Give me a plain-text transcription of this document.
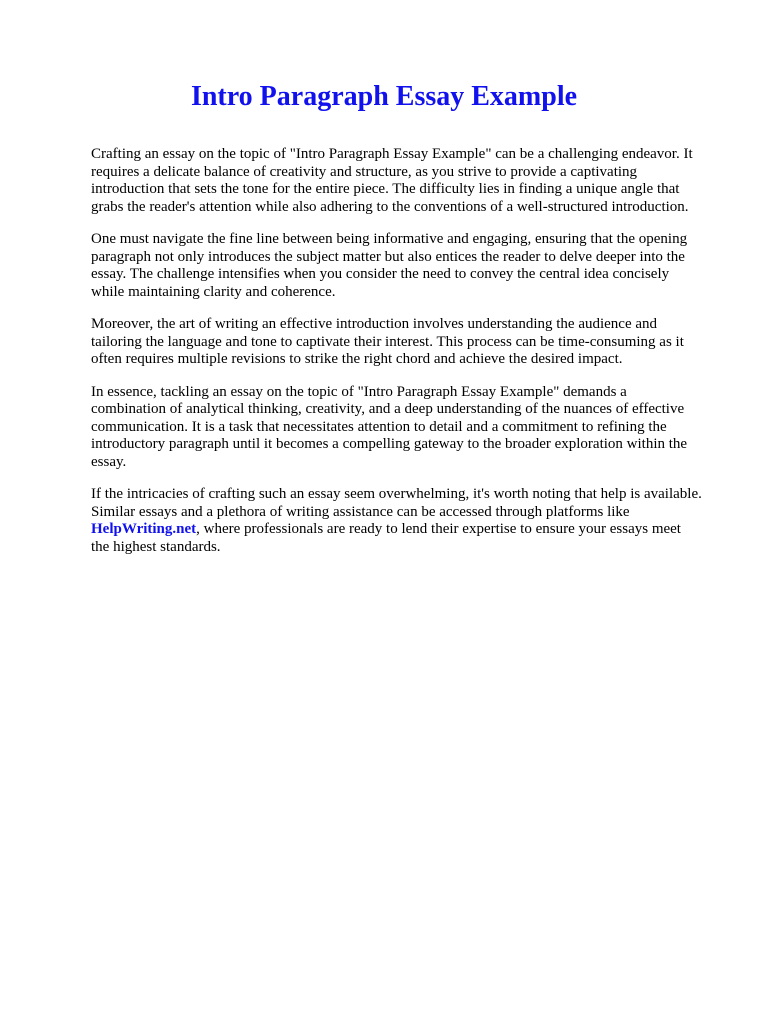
Intro Paragraph Essay Example

Crafting an essay on the topic of "Intro Paragraph Essay Example" can be a challenging endeavor. It
requires a delicate balance of creativity and structure, as you strive to provide a captivating
introduction that sets the tone for the entire piece. The difficulty lies in finding a unique angle that
grabs the reader's attention while also adhering to the conventions of a well-structured introduction.

One must navigate the fine line between being informative and engaging, ensuring that the opening
paragraph not only introduces the subject matter but also entices the reader to delve deeper into the
essay. The challenge intensifies when you consider the need to convey the central idea concisely
while maintaining clarity and coherence.

Moreover, the art of writing an effective introduction involves understanding the audience and
tailoring the language and tone to captivate their interest. This process can be time-consuming as it
often requires multiple revisions to strike the right chord and achieve the desired impact.

In essence, tackling an essay on the topic of "Intro Paragraph Essay Example" demands a
combination of analytical thinking, creativity, and a deep understanding of the nuances of effective
communication. It is a task that necessitates attention to detail and a commitment to refining the
introductory paragraph until it becomes a compelling gateway to the broader exploration within the
essay.

If the intricacies of crafting such an essay seem overwhelming, it's worth noting that help is available.
Similar essays and a plethora of writing assistance can be accessed through platforms like
HelpWriting.net, where professionals are ready to lend their expertise to ensure your essays meet
the highest standards.
